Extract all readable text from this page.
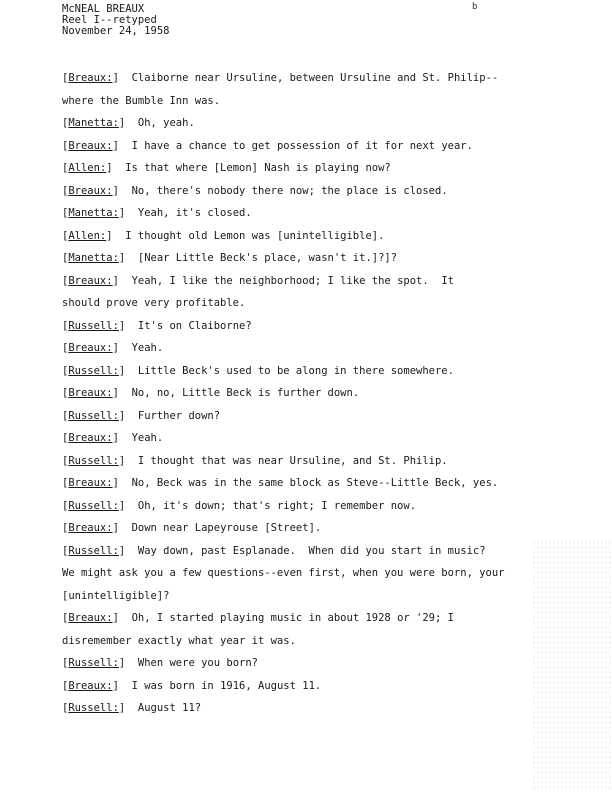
b
McNEAL BREAUX
Reel I--retyped
November 24, 1958
[Breaux:]  Claiborne near Ursuline, between Ursuline and St. Philip--
where the Bumble Inn was.
[Manetta:]  Oh, yeah.
[Breaux:]  I have a chance to get possession of it for next year.
[Allen:]  Is that where [Lemon] Nash is playing now?
[Breaux:]  No, there's nobody there now; the place is closed.
[Manetta:]  Yeah, it's closed.
[Allen:]  I thought old Lemon was [unintelligible].
[Manetta:]  [Near Little Beck's place, wasn't it.]?]?
[Breaux:]  Yeah, I like the neighborhood; I like the spot.  It
should prove very profitable.
[Russell:]  It's on Claiborne?
[Breaux:]  Yeah.
[Russell:]  Little Beck's used to be along in there somewhere.
[Breaux:]  No, no, Little Beck is further down.
[Russell:]  Further down?
[Breaux:]  Yeah.
[Russell:]  I thought that was near Ursuline, and St. Philip.
[Breaux:]  No, Beck was in the same block as Steve--Little Beck, yes.
[Russell:]  Oh, it's down; that's right; I remember now.
[Breaux:]  Down near Lapeyrouse [Street].
[Russell:]  Way down, past Esplanade.  When did you start in music?
We might ask you a few questions--even first, when you were born, your
[unintelligible]?
[Breaux:]  Oh, I started playing music in about 1928 or '29; I
disremember exactly what year it was.
[Russell:]  When were you born?
[Breaux:]  I was born in 1916, August 11.
[Russell:]  August 11?
